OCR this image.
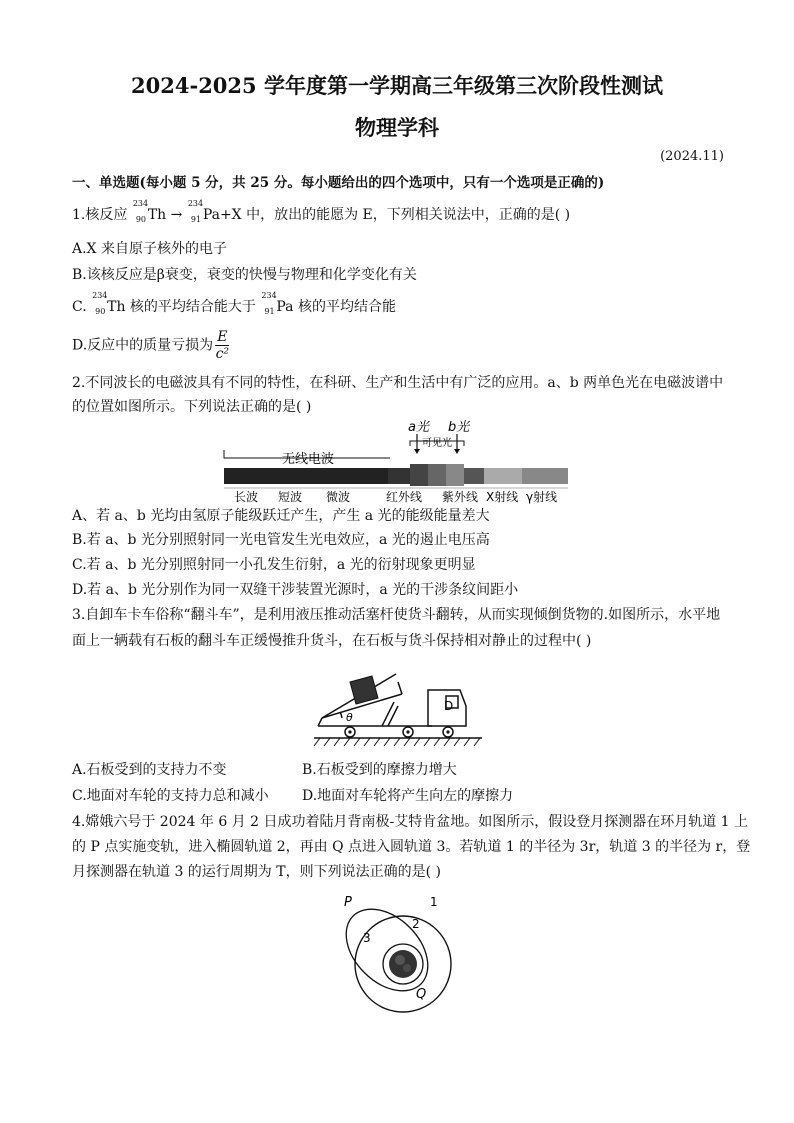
2024-2025 学年度第一学期高三年级第三次阶段性测试
物理学科
(2024.11)
一、单选题(每小题 5 分，共 25 分。每小题给出的四个选项中，只有一个选项是正确的)
1.核反应
234
90 Th →
234
91 Pa+X 中，放出的能愿为 E，下列相关说法中，正确的是( )
A.X 来自原子核外的电子
B.该核反应是β衰变，衰变的快慢与物理和化学变化有关
C.
234
90 Th 核的平均结合能大于
234
91 Pa 核的平均结合能
D.反应中的质量亏损为 $\frac{E}{\text{c²}}$
2.不同波长的电磁波具有不同的特性，在科研、生产和生活中有广泛的应用。a、b 两单色光在电磁波谱中
的位置如图所示。下列说法正确的是( )
a光 b光
可见光
无线电波
长波 短波 微波	红外线 紫外线 X射线 γ射线
A、若 a、b 光均由氢原子能级跃迁产生，产生 a 光的能级能量差大
B.若 a、b 光分别照射同一光电管发生光电效应，a 光的遏止电压高
C.若 a、b 光分别照射同一小孔发生衍射，a 光的衍射现象更明显
D.若 a、b 光分别作为同一双缝干涉装置光源时，a 光的干涉条纹间距小
3.自卸车卡车俗称“翻斗车”，是利用液压推动活塞杆使货斗翻转，从而实现倾倒货物的.如图所示，水平地
面上一辆载有石板的翻斗车正缓慢推升货斗，在石板与货斗保持相对静止的过程中( )
θ
D
A.石板受到的支持力不变	B.石板受到的摩擦力增大
C.地面对车轮的支持力总和减小 D.地面对车轮将产生向左的摩擦力
4.嫦娥六号于 2024 年 6 月 2 日成功着陆月背南极-艾特肯盆地。如图所示，假设登月探测器在环月轨道 1 上
的 P 点实施变轨，进入椭圆轨道 2，再由 Q 点进入圆轨道 3。若轨道 1 的半径为 3r，轨道 3 的半径为 r，登
月探测器在轨道 3 的运行周期为 T，则下列说法正确的是( )
P
Q
1
2
3
